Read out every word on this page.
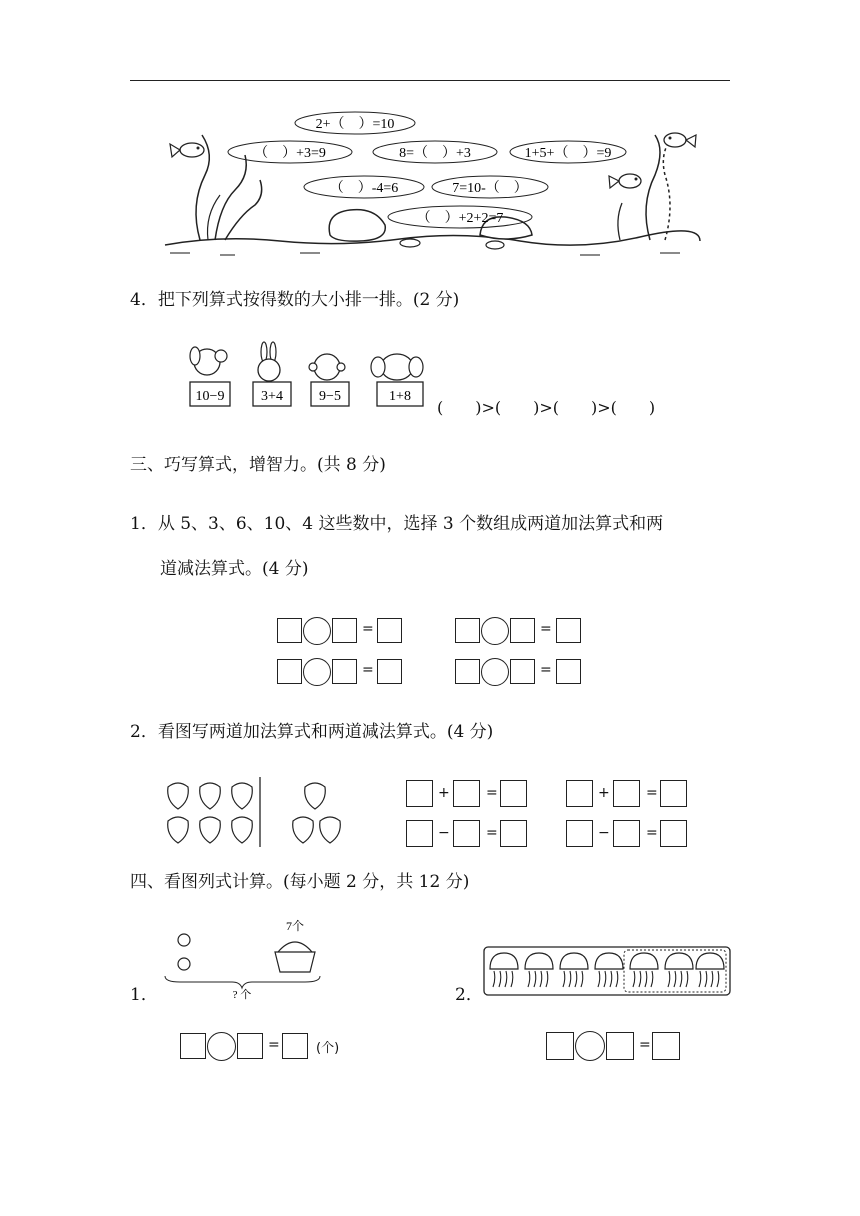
2+（　）=10
（　）+3=9	8=（　）+3	1+5+（　）=9
（　）-4=6	7=10-（　）
（　）+2+2=7
4．把下列算式按得数的大小排一排。(2 分)
10−9	3+4	9−5	1+8
(　　)>(　　)>(　　)>(　　)
三、巧写算式，增智力。(共 8 分)
1．从 5、3、6、10、4 这些数中，选择 3 个数组成两道加法算式和两
道减法算式。(4 分)
=	=
=	=
2．看图写两道加法算式和两道减法算式。(4 分)
+	=	+	=
−	=	−	=
四、看图列式计算。(每小题 2 分，共 12 分)
1．
7个
? 个
=	(个)
2．
=
